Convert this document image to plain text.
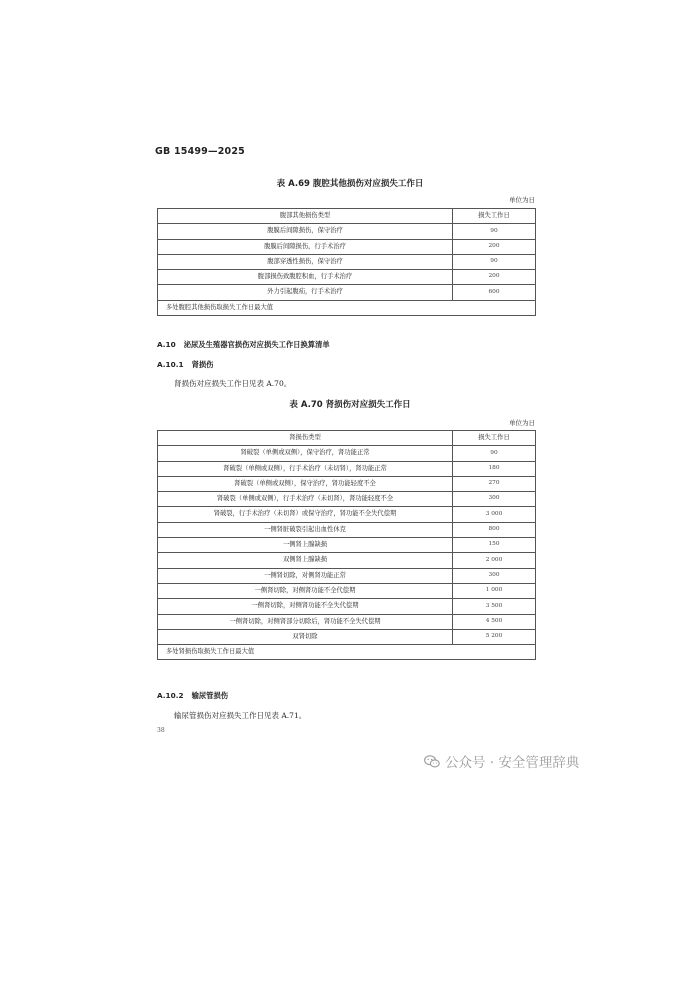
GB 15499—2025
表 A.69 腹腔其他损伤对应损失工作日
单位为日
腹部其他损伤类型	损失工作日
腹膜后间隙损伤，保守治疗	90
腹膜后间隙损伤，行手术治疗	200
腹部穿透性损伤，保守治疗	90
腹部损伤致腹腔积血，行手术治疗	200
外力引起腹疝，行手术治疗	600
多处腹腔其他损伤取损失工作日最大值	
A.10 泌尿及生殖器官损伤对应损失工作日换算清单
A.10.1 肾损伤
肾损伤对应损失工作日见表 A.70。
表 A.70 肾损伤对应损失工作日
单位为日
肾损伤类型	损失工作日
肾破裂（单侧或双侧），保守治疗，肾功能正常	90
肾破裂（单侧或双侧），行手术治疗（未切肾），肾功能正常	180
肾破裂（单侧或双侧），保守治疗，肾功能轻度不全	270
肾破裂（单侧或双侧），行手术治疗（未切肾），肾功能轻度不全	300
肾破裂，行手术治疗（未切肾）或保守治疗，肾功能不全失代偿期	3 000
一侧肾脏破裂引起出血性休克	800
一侧肾上腺缺损	150
双侧肾上腺缺损	2 000
一侧肾切除，对侧肾功能正常	300
一侧肾切除，对侧肾功能不全代偿期	1 000
一侧肾切除，对侧肾功能不全失代偿期	3 500
一侧肾切除，对侧肾部分切除后，肾功能不全失代偿期	4 500
双肾切除	5 200
多处肾损伤取损失工作日最大值	
A.10.2 输尿管损伤
输尿管损伤对应损失工作日见表 A.71。
38
公众号 · 安全管理辞典
